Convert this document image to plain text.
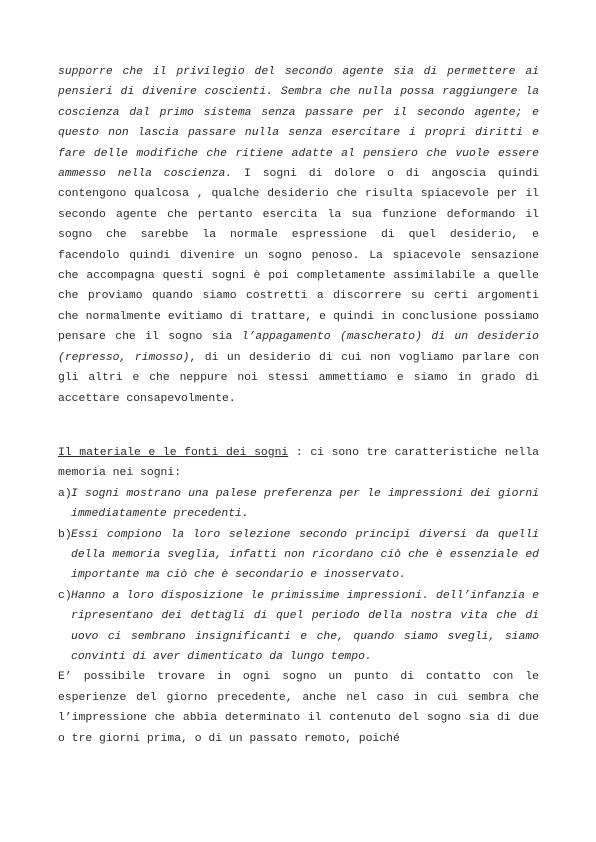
supporre che il privilegio del secondo agente sia di permettere ai pensieri di divenire coscienti. Sembra che nulla possa raggiungere la coscienza dal primo sistema senza passare per il secondo agente; e questo non lascia passare nulla senza esercitare i propri diritti e fare delle modifiche che ritiene adatte al pensiero che vuole essere ammesso nella coscienza. I sogni di dolore o di angoscia quindi contengono qualcosa , qualche desiderio che risulta spiacevole per il secondo agente che pertanto esercita la sua funzione deformando il sogno che sarebbe la normale espressione di quel desiderio, e facendolo quindi divenire un sogno penoso. La spiacevole sensazione che accompagna questi sogni è poi completamente assimilabile a quelle che proviamo quando siamo costretti a discorrere su certi argomenti che normalmente evitiamo di trattare, e quindi in conclusione possiamo pensare che il sogno sia l’appagamento (mascherato) di un desiderio (represso, rimosso), di un desiderio di cui non vogliamo parlare con gli altri e che neppure noi stessi ammettiamo e siamo in grado di accettare consapevolmente.

Il materiale e le fonti dei sogni : ci sono tre caratteristiche nella memoria nei sogni:

a) I sogni mostrano una palese preferenza per le impressioni dei giorni immediatamente precedenti.
b) Essi compiono la loro selezione secondo principi diversi da quelli della memoria sveglia, infatti non ricordano ciò che è essenziale ed importante ma ciò che è secondario e inosservato.
c) Hanno a loro disposizione le primissime impressioni. dell’infanzia e ripresentano dei dettagli di quel periodo della nostra vita che di uovo ci sembrano insignificanti e che, quando siamo svegli, siamo convinti di aver dimenticato da lungo tempo.

E’ possibile trovare in ogni sogno un punto di contatto con le esperienze del giorno precedente, anche nel caso in cui sembra che l’impressione che abbia determinato il contenuto del sogno sia di due o tre giorni prima, o di un passato remoto, poiché
